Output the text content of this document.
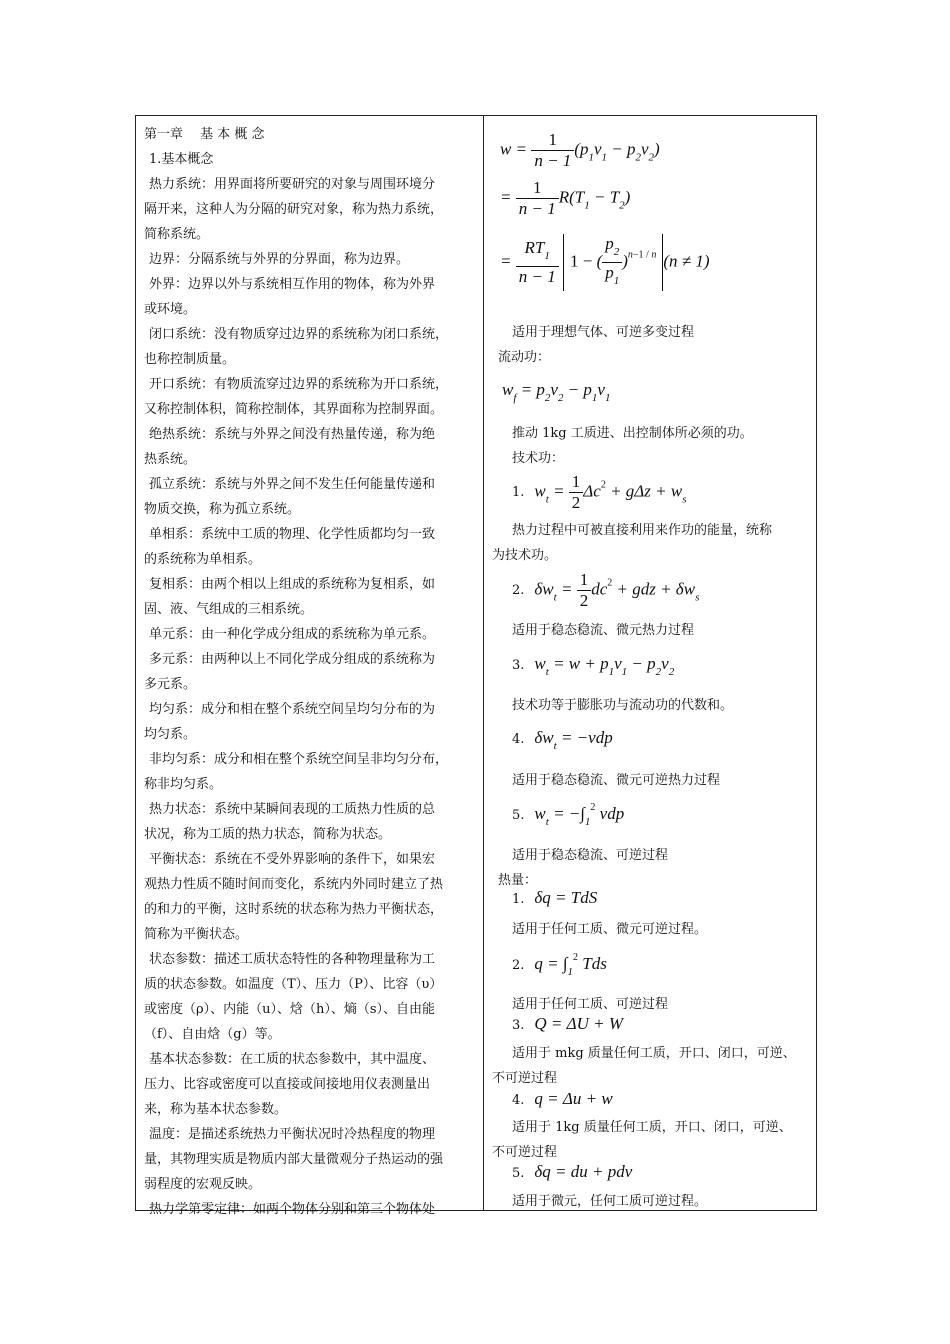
第一章　 基 本 概 念
1.基本概念
热力系统：用界面将所要研究的对象与周围环境分
隔开来，这种人为分隔的研究对象，称为热力系统，
简称系统。
边界：分隔系统与外界的分界面，称为边界。
外界：边界以外与系统相互作用的物体，称为外界
或环境。
闭口系统：没有物质穿过边界的系统称为闭口系统，
也称控制质量。
开口系统：有物质流穿过边界的系统称为开口系统，
又称控制体积，简称控制体，其界面称为控制界面。
绝热系统：系统与外界之间没有热量传递，称为绝
热系统。
孤立系统：系统与外界之间不发生任何能量传递和
物质交换，称为孤立系统。
单相系：系统中工质的物理、化学性质都均匀一致
的系统称为单相系。
复相系：由两个相以上组成的系统称为复相系，如
固、液、气组成的三相系统。
单元系：由一种化学成分组成的系统称为单元系。
多元系：由两种以上不同化学成分组成的系统称为
多元系。
均匀系：成分和相在整个系统空间呈均匀分布的为
均匀系。
非均匀系：成分和相在整个系统空间呈非均匀分布，
称非均匀系。
热力状态：系统中某瞬间表现的工质热力性质的总
状况，称为工质的热力状态，简称为状态。
平衡状态：系统在不受外界影响的条件下，如果宏
观热力性质不随时间而变化，系统内外同时建立了热
的和力的平衡，这时系统的状态称为热力平衡状态，
简称为平衡状态。
状态参数：描述工质状态特性的各种物理量称为工
质的状态参数。如温度（T）、压力（P）、比容（υ）
或密度（ρ）、内能（u）、焓（h）、熵（s）、自由能
（f）、自由焓（g）等。
基本状态参数：在工质的状态参数中，其中温度、
压力、比容或密度可以直接或间接地用仪表测量出
来，称为基本状态参数。
温度：是描述系统热力平衡状况时冷热程度的物理
量，其物理实质是物质内部大量微观分子热运动的强
弱程度的宏观反映。
热力学第零定律：如两个物体分别和第三个物体处
$w = \frac{1}{n - 1} (p_1v_1 - p_2v_2)$
= $\frac{1}{n - 1} R(T_1 - T_2)$
= $\frac{RT_1}{n - 1} 1$ − ( $\frac{p_2}{p_1} )^{n-1 / n}$ (n ≠ 1)
适用于理想气体、可逆多变过程
流动功：
$w_f = p_2v_2 - p_1v_1$
推动 1kg 工质进、出控制体所必须的功。
技术功：
1. $w_t = \frac{1}{2} \Delta c^2 + g\Delta z + w_s$
热力过程中可被直接利用来作功的能量，统称
为技术功。
2. $\delta w_t = \frac{1}{2} dc^2$ + gdz + $\delta w_s$
适用于稳态稳流、微元热力过程
3. $w_t = w + p_1v_1 - p_2v_2$
技术功等于膨胀功与流动功的代数和。
4. $\delta w_t = -vdp$
适用于稳态稳流、微元可逆热力过程
5. $w_t = -\int_1^2$ vdp
适用于稳态稳流、可逆过程
热量：
1. δq = TdS
适用于任何工质、微元可逆过程。
2. $q = \int_1^2$ Tds
适用于任何工质、可逆过程
3. Q = ΔU + W
适用于 mkg 质量任何工质，开口、闭口，可逆、
不可逆过程
4. q = Δu + w
适用于 1kg 质量任何工质，开口、闭口，可逆、
不可逆过程
5. δq = du + pdv
适用于微元，任何工质可逆过程。
